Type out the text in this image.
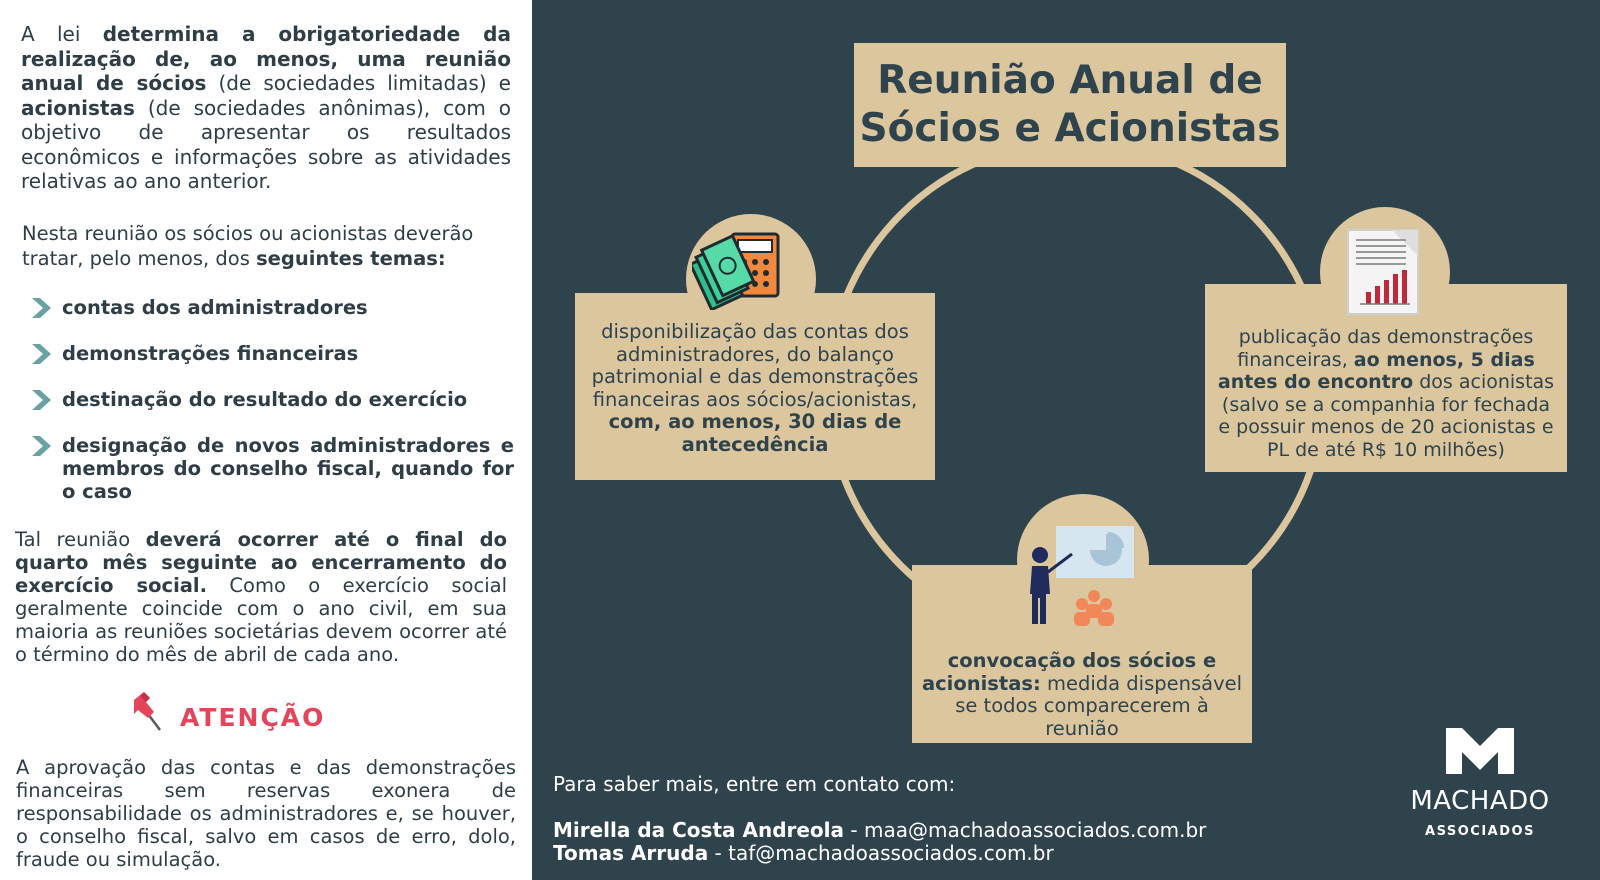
A lei determina a obrigatoriedade da realização de, ao menos, uma reunião anual de sócios (de sociedades limitadas) e acionistas (de sociedades anônimas), com o objetivo de apresentar os resultados econômicos e informações sobre as atividades relativas ao ano anterior.

Nesta reunião os sócios ou acionistas deverão tratar, pelo menos, dos seguintes temas:

contas dos administradores
demonstrações financeiras
destinação do resultado do exercício
designação de novos administradores e membros do conselho fiscal, quando for o caso

Tal reunião deverá ocorrer até o final do quarto mês seguinte ao encerramento do exercício social. Como o exercício social geralmente coincide com o ano civil, em sua maioria as reuniões societárias devem ocorrer até o término do mês de abril de cada ano.

ATENÇÃO

A aprovação das contas e das demonstrações financeiras sem reservas exonera de responsabilidade os administradores e, se houver, o conselho fiscal, salvo em casos de erro, dolo, fraude ou simulação.

Reunião Anual de
Sócios e Acionistas
disponibilização das contas dos administradores, do balanço patrimonial e das demonstrações financeiras aos sócios/acionistas, com, ao menos, 30 dias de antecedência
publicação das demonstrações financeiras, ao menos, 5 dias antes do encontro dos acionistas (salvo se a companhia for fechada e possuir menos de 20 acionistas e PL de até R$ 10 milhões)
convocação dos sócios e acionistas: medida dispensável se todos comparecerem à reunião
Para saber mais, entre em contato com:
Mirella da Costa Andreola - maa@machadoassociados.com.br
Tomas Arruda - taf@machadoassociados.com.br
MACHADO
ASSOCIADOS
